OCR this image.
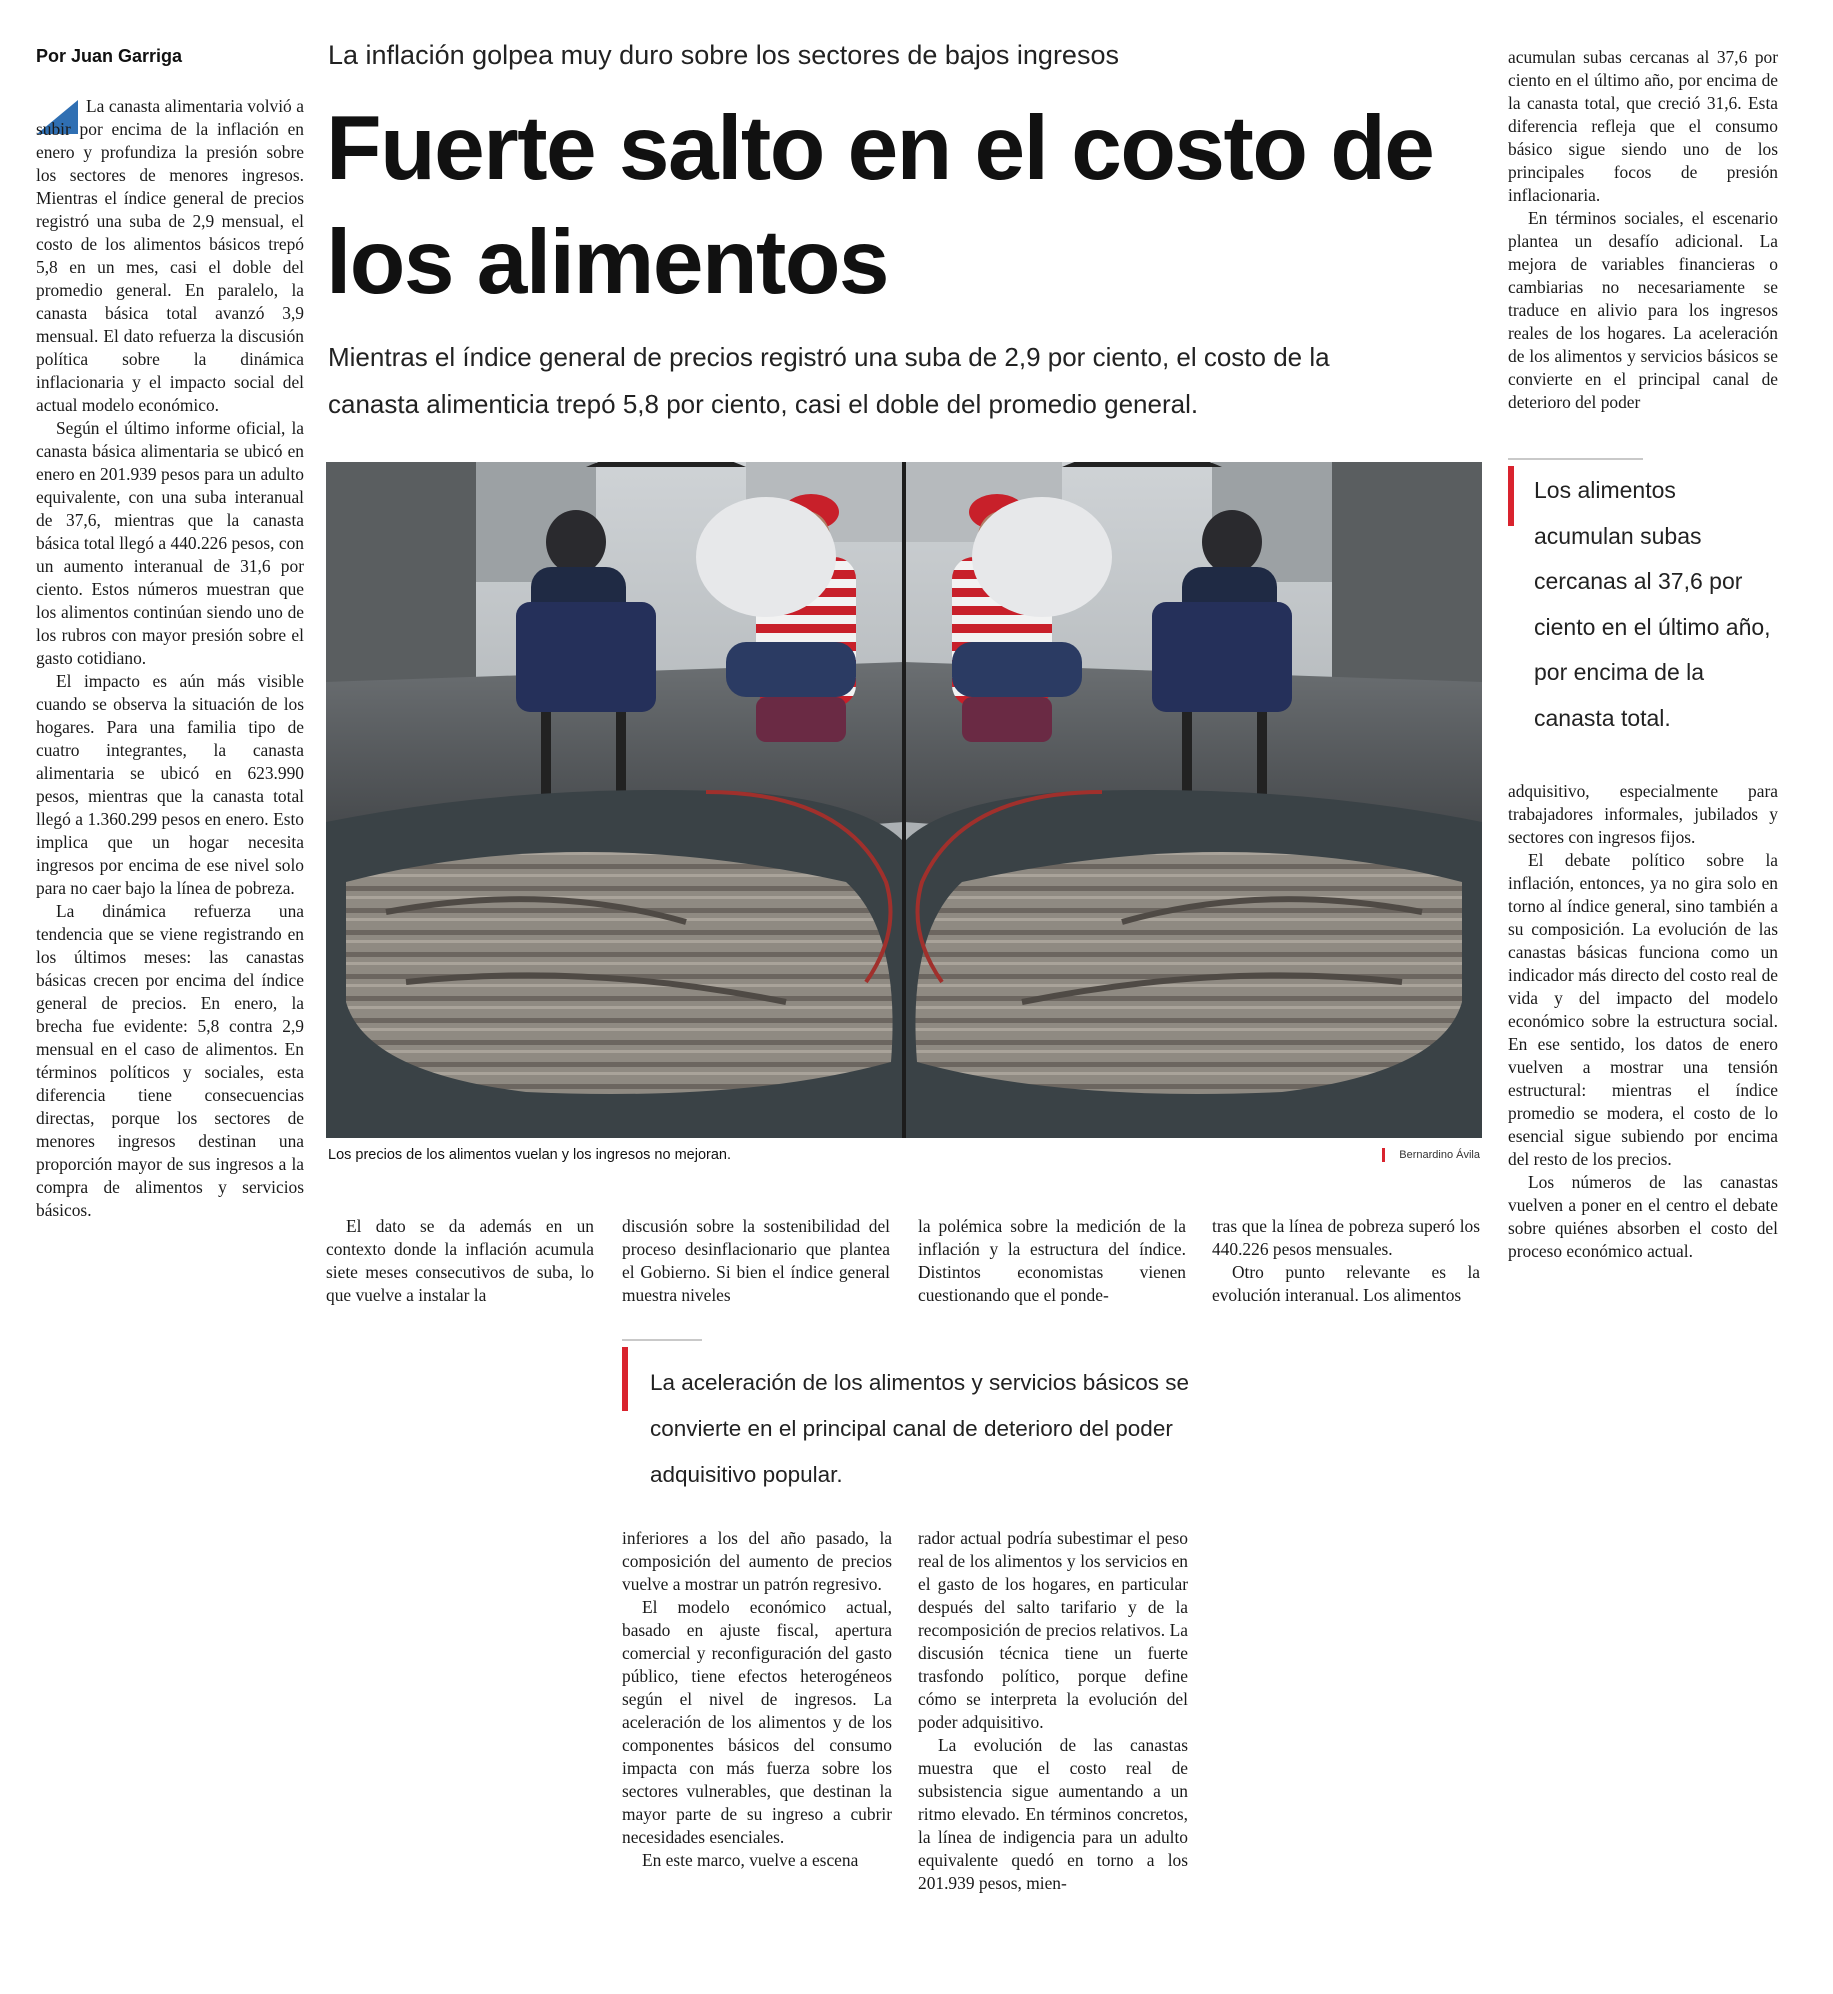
Por Juan Garriga	La inflación golpea muy duro sobre los sectores de bajos ingresos
Fuerte salto en el costo de los alimentos
Mientras el índice general de precios registró una suba de 2,9 por ciento, el costo de la canasta alimenticia trepó 5,8 por ciento, casi el doble del promedio general.

La canasta alimentaria volvió a subir por encima de la inflación en enero y profundiza la presión sobre los sectores de menores ingresos. Mientras el índice general de precios registró una suba de 2,9 mensual, el costo de los alimentos básicos trepó 5,8 en un mes, casi el doble del promedio general. En paralelo, la canasta básica total avanzó 3,9 mensual. El dato refuerza la discusión política sobre la dinámica inflacionaria y el impacto social del actual modelo económico.

Según el último informe oficial, la canasta básica alimentaria se ubicó en enero en 201.939 pesos para un adulto equivalente, con una suba interanual de 37,6, mientras que la canasta básica total llegó a 440.226 pesos, con un aumento interanual de 31,6 por ciento. Estos números muestran que los alimentos continúan siendo uno de los rubros con mayor presión sobre el gasto cotidiano.

El impacto es aún más visible cuando se observa la situación de los hogares. Para una familia tipo de cuatro integrantes, la canasta alimentaria se ubicó en 623.990 pesos, mientras que la canasta total llegó a 1.360.299 pesos en enero. Esto implica que un hogar necesita ingresos por encima de ese nivel solo para no caer bajo la línea de pobreza.

La dinámica refuerza una tendencia que se viene registrando en los últimos meses: las canastas básicas crecen por encima del índice general de precios. En enero, la brecha fue evidente: 5,8 contra 2,9 mensual en el caso de alimentos. En términos políticos y sociales, esta diferencia tiene consecuencias directas, porque los sectores de menores ingresos destinan una proporción mayor de sus ingresos a la compra de alimentos y servicios básicos.

Los precios de los alimentos vuelan y los ingresos no mejoran.	Bernardino Ávila

El dato se da además en un contexto donde la inflación acumula siete meses consecutivos de suba, lo que vuelve a instalar la

discusión sobre la sostenibilidad del proceso desinflacionario que plantea el Gobierno. Si bien el índice general muestra niveles

la polémica sobre la medición de la inflación y la estructura del índice. Distintos economistas vienen cuestionando que el ponde-

tras que la línea de pobreza superó los 440.226 pesos mensuales.

Otro punto relevante es la evolución interanual. Los alimentos

acumulan subas cercanas al 37,6 por ciento en el último año, por encima de la canasta total, que creció 31,6. Esta diferencia refleja que el consumo básico sigue siendo uno de los principales focos de presión inflacionaria.

En términos sociales, el escenario plantea un desafío adicional. La mejora de variables financieras o cambiarias no necesariamente se traduce en alivio para los ingresos reales de los hogares. La aceleración de los alimentos y servicios básicos se convierte en el principal canal de deterioro del poder

Los alimentos acumulan subas cercanas al 37,6 por ciento en el último año, por encima de la canasta total.

adquisitivo, especialmente para trabajadores informales, jubilados y sectores con ingresos fijos.

El debate político sobre la inflación, entonces, ya no gira solo en torno al índice general, sino también a su composición. La evolución de las canastas básicas funciona como un indicador más directo del costo real de vida y del impacto del modelo económico sobre la estructura social. En ese sentido, los datos de enero vuelven a mostrar una tensión estructural: mientras el índice promedio se modera, el costo de lo esencial sigue subiendo por encima del resto de los precios.

Los números de las canastas vuelven a poner en el centro el debate sobre quiénes absorben el costo del proceso económico actual.

La aceleración de los alimentos y servicios básicos se convierte en el principal canal de deterioro del poder adquisitivo popular.

inferiores a los del año pasado, la composición del aumento de precios vuelve a mostrar un patrón regresivo.

El modelo económico actual, basado en ajuste fiscal, apertura comercial y reconfiguración del gasto público, tiene efectos heterogéneos según el nivel de ingresos. La aceleración de los alimentos y de los componentes básicos del consumo impacta con más fuerza sobre los sectores vulnerables, que destinan la mayor parte de su ingreso a cubrir necesidades esenciales.

En este marco, vuelve a escena

rador actual podría subestimar el peso real de los alimentos y los servicios en el gasto de los hogares, en particular después del salto tarifario y de la recomposición de precios relativos. La discusión técnica tiene un fuerte trasfondo político, porque define cómo se interpreta la evolución del poder adquisitivo.

La evolución de las canastas muestra que el costo real de subsistencia sigue aumentando a un ritmo elevado. En términos concretos, la línea de indigencia para un adulto equivalente quedó en torno a los 201.939 pesos, mien-
